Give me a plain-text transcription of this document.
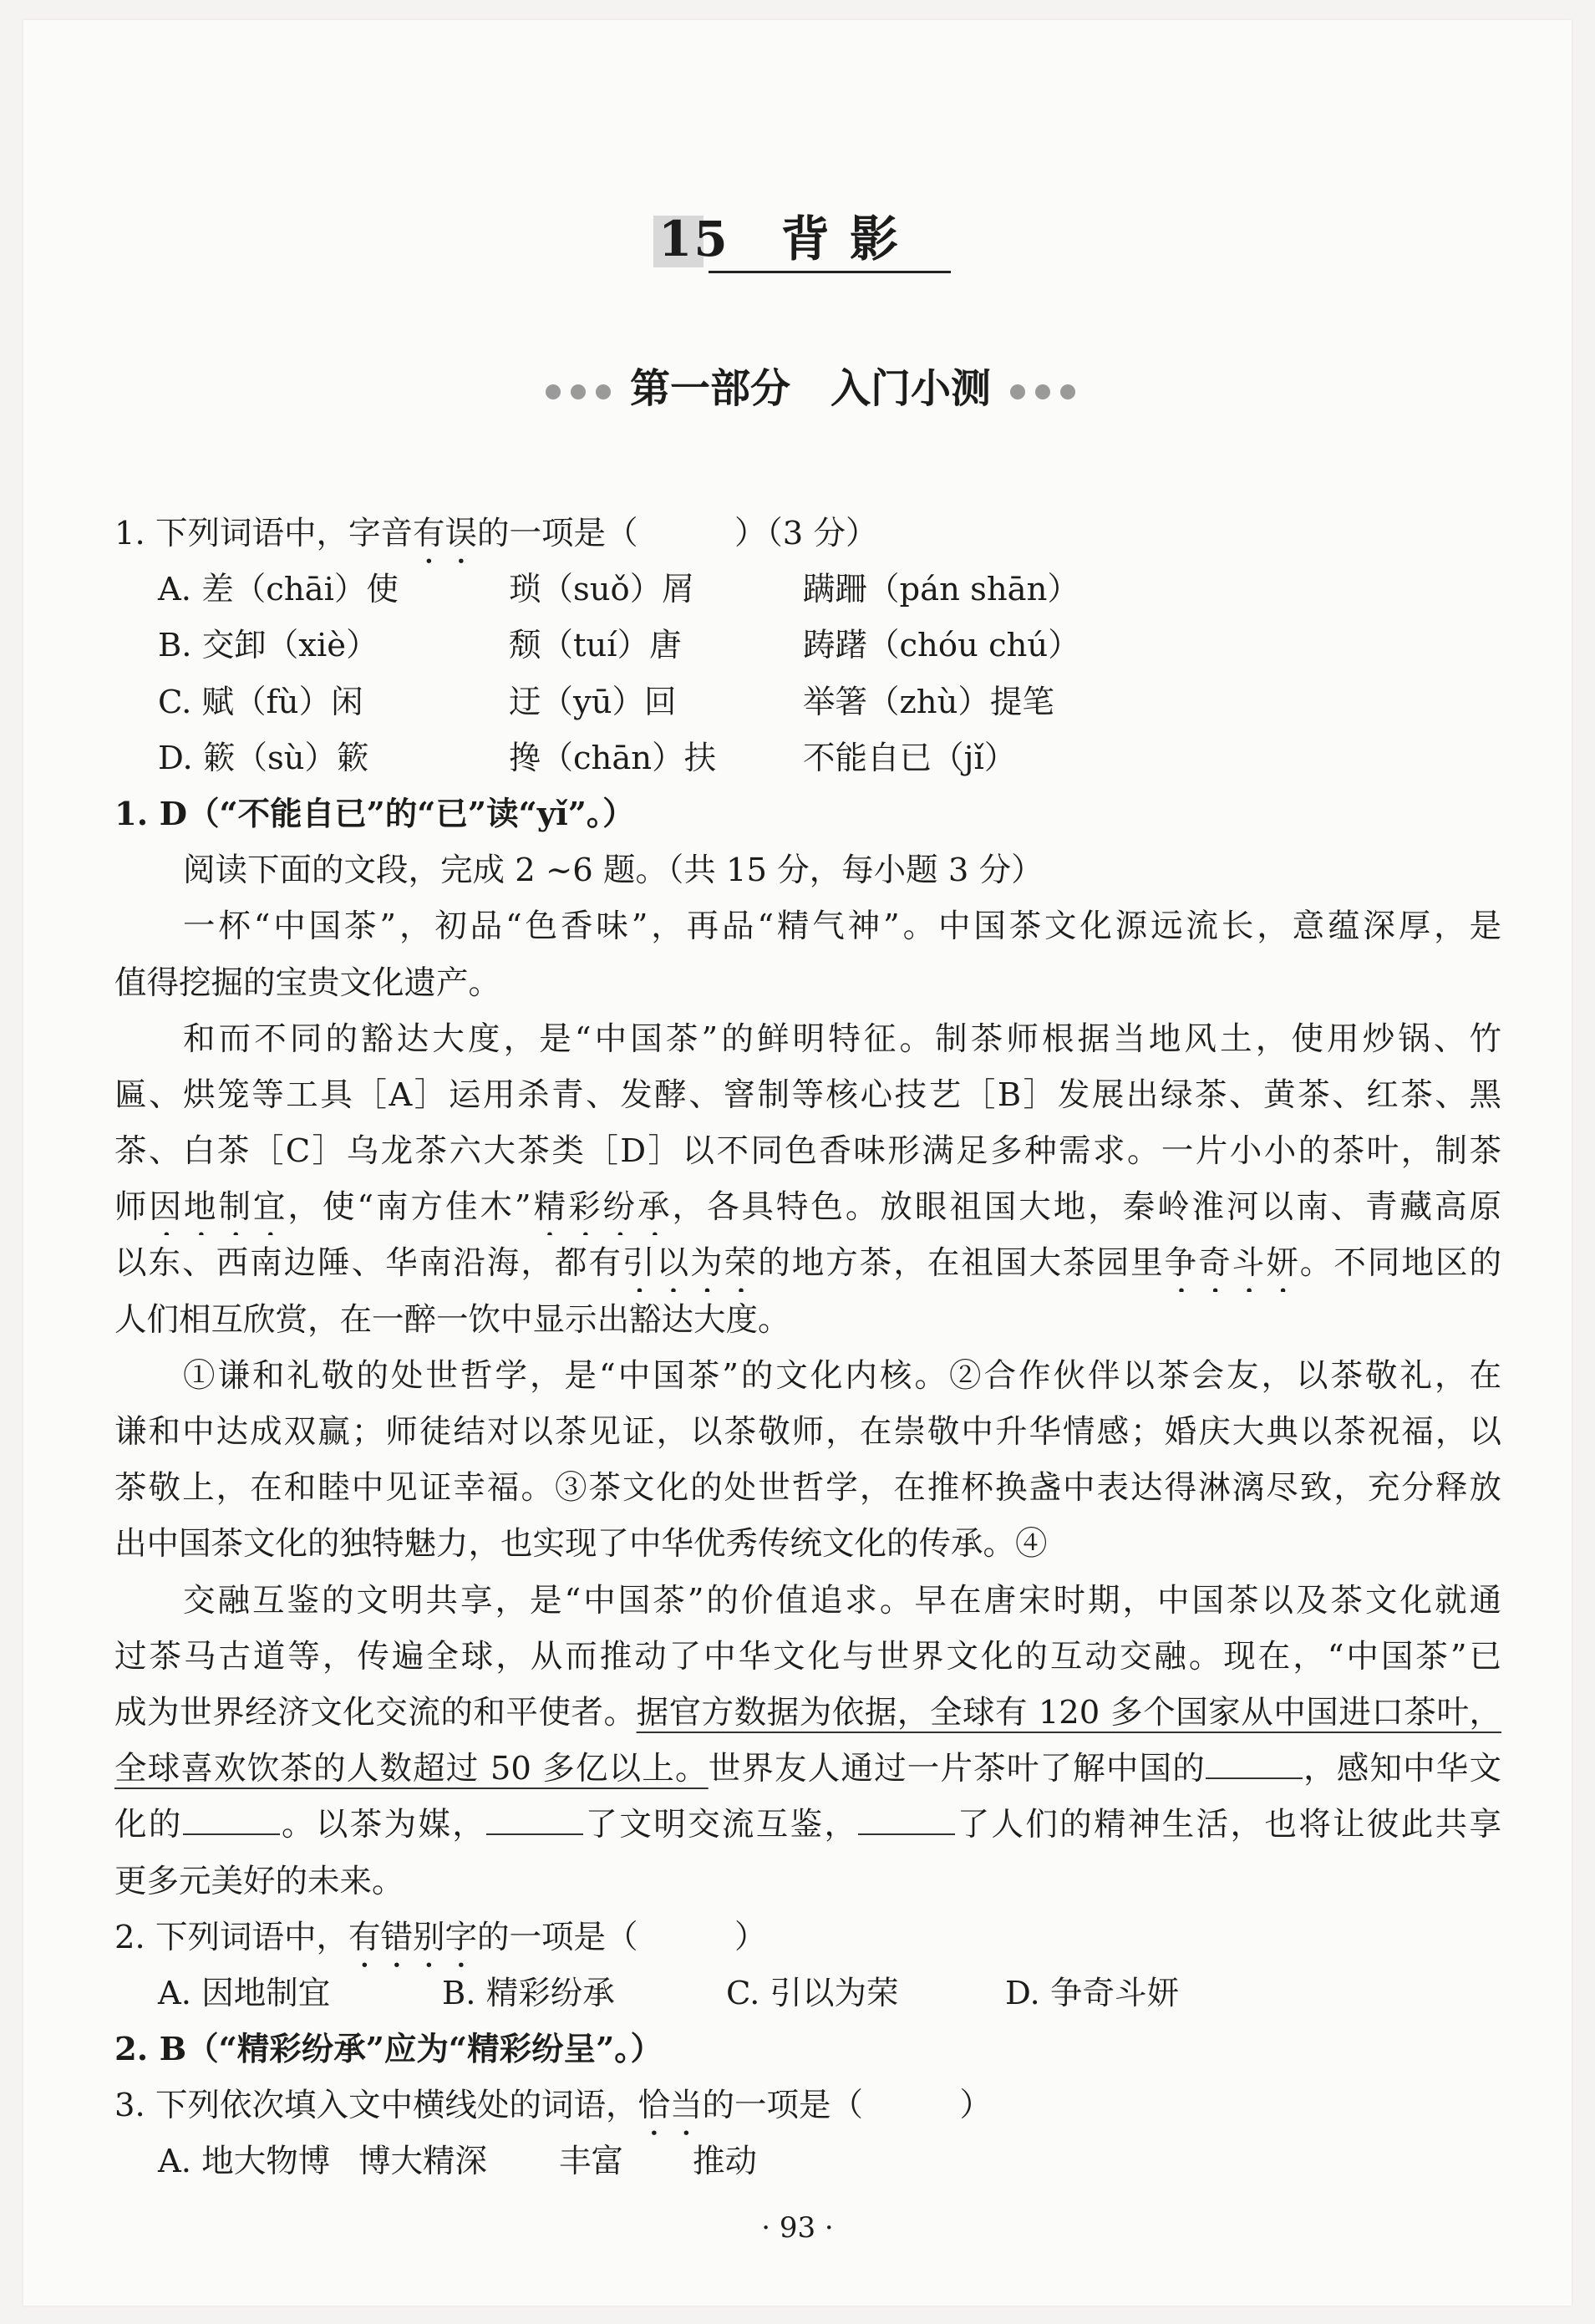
15 背 影
第一部分　入门小测
1. 下列词语中，字音有误的一项是（　　　）（3 分）
A. 差（chāi）使	琐（suǒ）屑	蹒跚（pán shān）
B. 交卸（xiè）	颓（tuí）唐	踌躇（chóu chú）
C. 赋（fù）闲	迂（yū）回	举箸（zhù）提笔
D. 簌（sù）簌	搀（chān）扶	不能自已（jǐ）
1. D（“不能自已”的“已”读“yǐ”。）
阅读下面的文段，完成 2 ~6 题。（共 15 分，每小题 3 分）
一杯“中国茶”，初品“色香味”，再品“精气神”。中国茶文化源远流长，意蕴深厚，是
值得挖掘的宝贵文化遗产。
和而不同的豁达大度，是“中国茶”的鲜明特征。制茶师根据当地风土，使用炒锅、竹
匾、烘笼等工具［A］运用杀青、发酵、窨制等核心技艺［B］发展出绿茶、黄茶、红茶、黑
茶、白茶［C］乌龙茶六大茶类［D］以不同色香味形满足多种需求。一片小小的茶叶，制茶
师因地制宜，使“南方佳木”精彩纷承，各具特色。放眼祖国大地，秦岭淮河以南、青藏高原
以东、西南边陲、华南沿海，都有引以为荣的地方茶，在祖国大茶园里争奇斗妍。不同地区的
人们相互欣赏，在一醉一饮中显示出豁达大度。
①谦和礼敬的处世哲学，是“中国茶”的文化内核。②合作伙伴以茶会友，以茶敬礼，在
谦和中达成双赢；师徒结对以茶见证，以茶敬师，在崇敬中升华情感；婚庆大典以茶祝福，以
茶敬上，在和睦中见证幸福。③茶文化的处世哲学，在推杯换盏中表达得淋漓尽致，充分释放
出中国茶文化的独特魅力，也实现了中华优秀传统文化的传承。④
交融互鉴的文明共享，是“中国茶”的价值追求。早在唐宋时期，中国茶以及茶文化就通
过茶马古道等，传遍全球，从而推动了中华文化与世界文化的互动交融。现在，“中国茶”已
成为世界经济文化交流的和平使者。据官方数据为依据，全球有 120 多个国家从中国进口茶叶，
全球喜欢饮茶的人数超过 50 多亿以上。世界友人通过一片茶叶了解中国的	，感知中华文
化的	。以茶为媒，	了文明交流互鉴，	了人们的精神生活，也将让彼此共享
更多元美好的未来。
2. 下列词语中，有错别字的一项是（　　　）
A. 因地制宜	B. 精彩纷承	C. 引以为荣	D. 争奇斗妍
2. B（“精彩纷承”应为“精彩纷呈”。）
3. 下列依次填入文中横线处的词语，恰当的一项是（　　　）
A. 地大物博 博大精深 丰富 推动
· 93 ·
